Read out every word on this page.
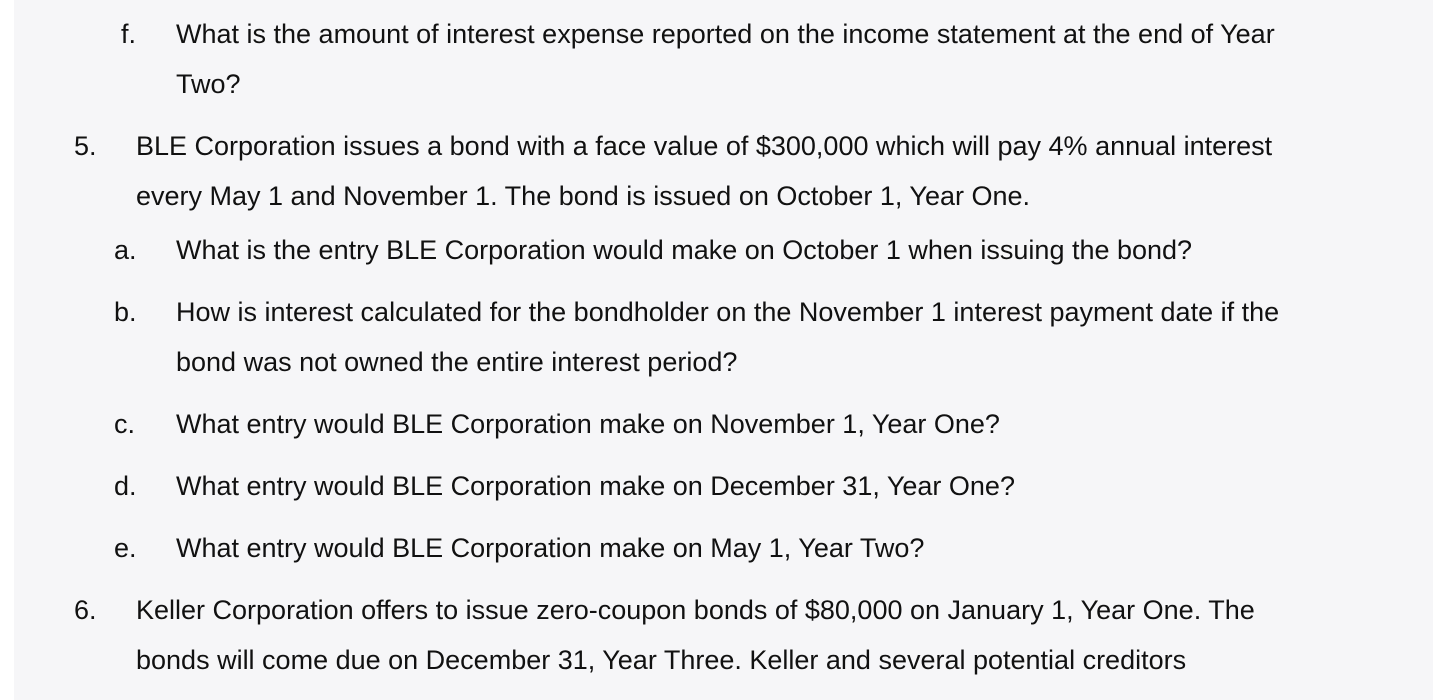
f. What is the amount of interest expense reported on the income statement at the end of Year
Two?
5. BLE Corporation issues a bond with a face value of $300,000 which will pay 4% annual interest
every May 1 and November 1. The bond is issued on October 1, Year One.
a. What is the entry BLE Corporation would make on October 1 when issuing the bond?
b. How is interest calculated for the bondholder on the November 1 interest payment date if the
bond was not owned the entire interest period?
c. What entry would BLE Corporation make on November 1, Year One?
d. What entry would BLE Corporation make on December 31, Year One?
e. What entry would BLE Corporation make on May 1, Year Two?
6. Keller Corporation offers to issue zero-coupon bonds of $80,000 on January 1, Year One. The
bonds will come due on December 31, Year Three. Keller and several potential creditors
